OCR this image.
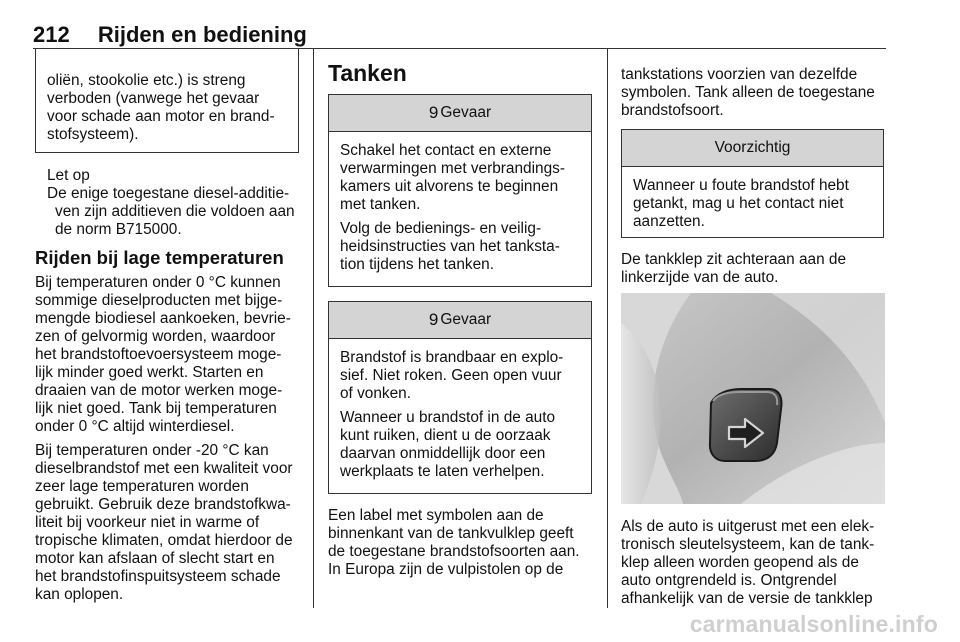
212 Rijden en bediening
oliën, stookolie etc.) is streng
verboden (vanwege het gevaar
voor schade aan motor en brand-
stofsysteem).
Let op
De enige toegestane diesel-additie-
ven zijn additieven die voldoen aan
de norm B715000.
Rijden bij lage temperaturen
Bij temperaturen onder 0 °C kunnen
sommige dieselproducten met bijge-
mengde biodiesel aankoeken, bevrie-
zen of gelvormig worden, waardoor
het brandstoftoevoersysteem moge-
lijk minder goed werkt. Starten en
draaien van de motor werken moge-
lijk niet goed. Tank bij temperaturen
onder 0 °C altijd winterdiesel.
Bij temperaturen onder -20 °C kan
dieselbrandstof met een kwaliteit voor
zeer lage temperaturen worden
gebruikt. Gebruik deze brandstofkwa-
liteit bij voorkeur niet in warme of
tropische klimaten, omdat hierdoor de
motor kan afslaan of slecht start en
het brandstofinspuitsysteem schade
kan oplopen.
Tanken
9 Gevaar

Schakel het contact en externe
verwarmingen met verbrandings-
kamers uit alvorens te beginnen
met tanken.

Volg de bedienings- en veilig-
heidsinstructies van het tanksta-
tion tijdens het tanken.

9 Gevaar

Brandstof is brandbaar en explo-
sief. Niet roken. Geen open vuur
of vonken.

Wanneer u brandstof in de auto
kunt ruiken, dient u de oorzaak
daarvan onmiddellijk door een
werkplaats te laten verhelpen.

Een label met symbolen aan de
binnenkant van de tankvulklep geeft
de toegestane brandstofsoorten aan.
In Europa zijn de vulpistolen op de
tankstations voorzien van dezelfde
symbolen. Tank alleen de toegestane
brandstofsoort.
Voorzichtig
Wanneer u foute brandstof hebt
getankt, mag u het contact niet
aanzetten.
De tankklep zit achteraan aan de
linkerzijde van de auto.
Als de auto is uitgerust met een elek-
tronisch sleutelsysteem, kan de tank-
klep alleen worden geopend als de
auto ontgrendeld is. Ontgrendel
afhankelijk van de versie de tankklep
carmanualsonline.info
